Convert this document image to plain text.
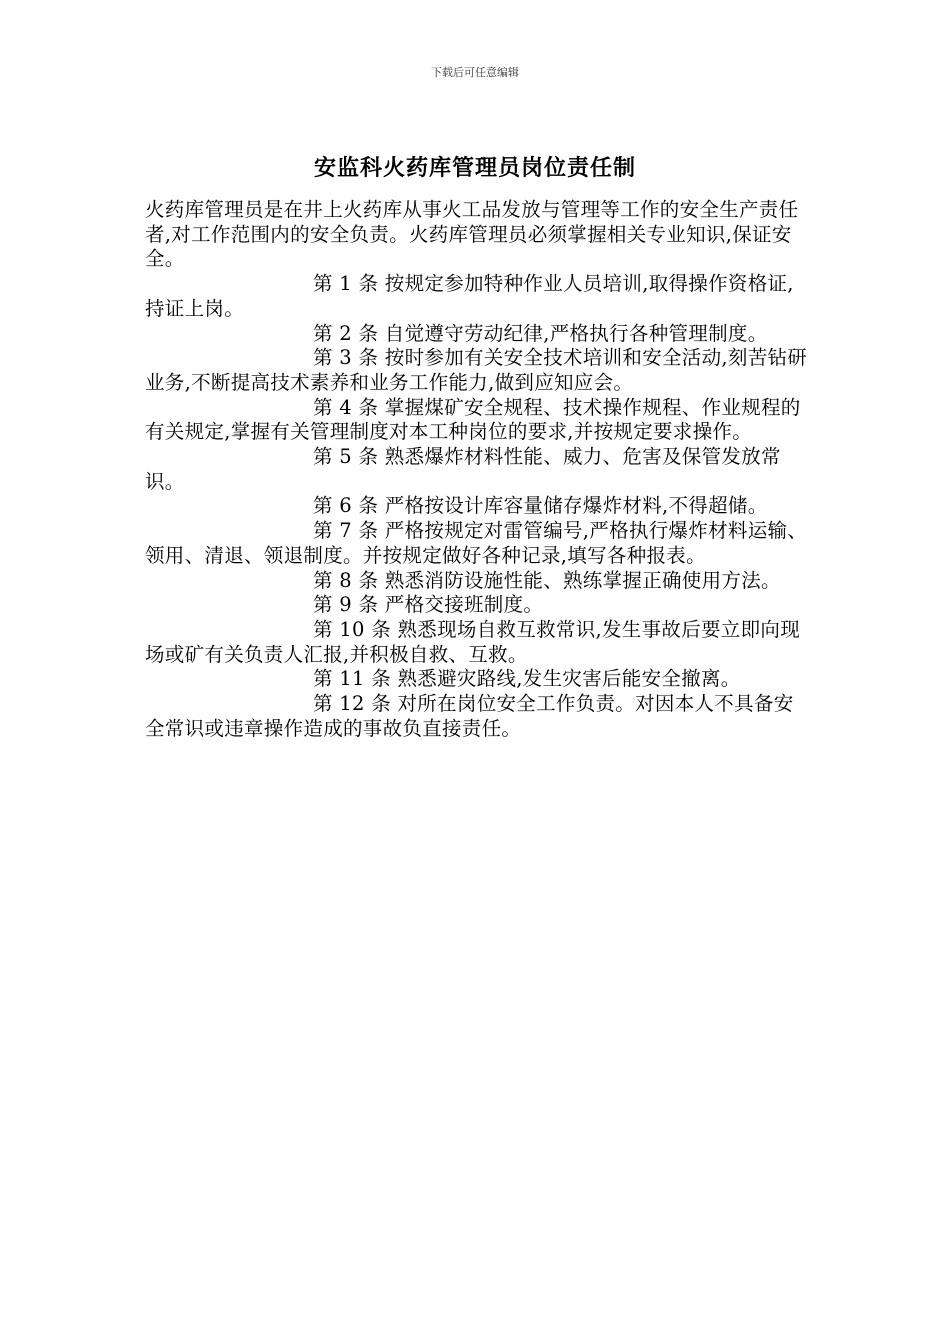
下载后可任意编辑
安监科火药库管理员岗位责任制

火药库管理员是在井上火药库从事火工品发放与管理等工作的安全生产责任者,对工作范围内的安全负责。火药库管理员必须掌握相关专业知识,保证安全。

第 1 条 按规定参加特种作业人员培训,取得操作资格证,持证上岗。

第 2 条 自觉遵守劳动纪律,严格执行各种管理制度。

第 3 条 按时参加有关安全技术培训和安全活动,刻苦钻研业务,不断提高技术素养和业务工作能力,做到应知应会。

第 4 条 掌握煤矿安全规程、技术操作规程、作业规程的有关规定,掌握有关管理制度对本工种岗位的要求,并按规定要求操作。

第 5 条 熟悉爆炸材料性能、威力、危害及保管发放常识。

第 6 条 严格按设计库容量储存爆炸材料,不得超储。

第 7 条 严格按规定对雷管编号,严格执行爆炸材料运输、领用、清退、领退制度。并按规定做好各种记录,填写各种报表。

第 8 条 熟悉消防设施性能、熟练掌握正确使用方法。

第 9 条 严格交接班制度。

第 10 条 熟悉现场自救互救常识,发生事故后要立即向现场或矿有关负责人汇报,并积极自救、互救。

第 11 条 熟悉避灾路线,发生灾害后能安全撤离。

第 12 条 对所在岗位安全工作负责。对因本人不具备安全常识或违章操作造成的事故负直接责任。
